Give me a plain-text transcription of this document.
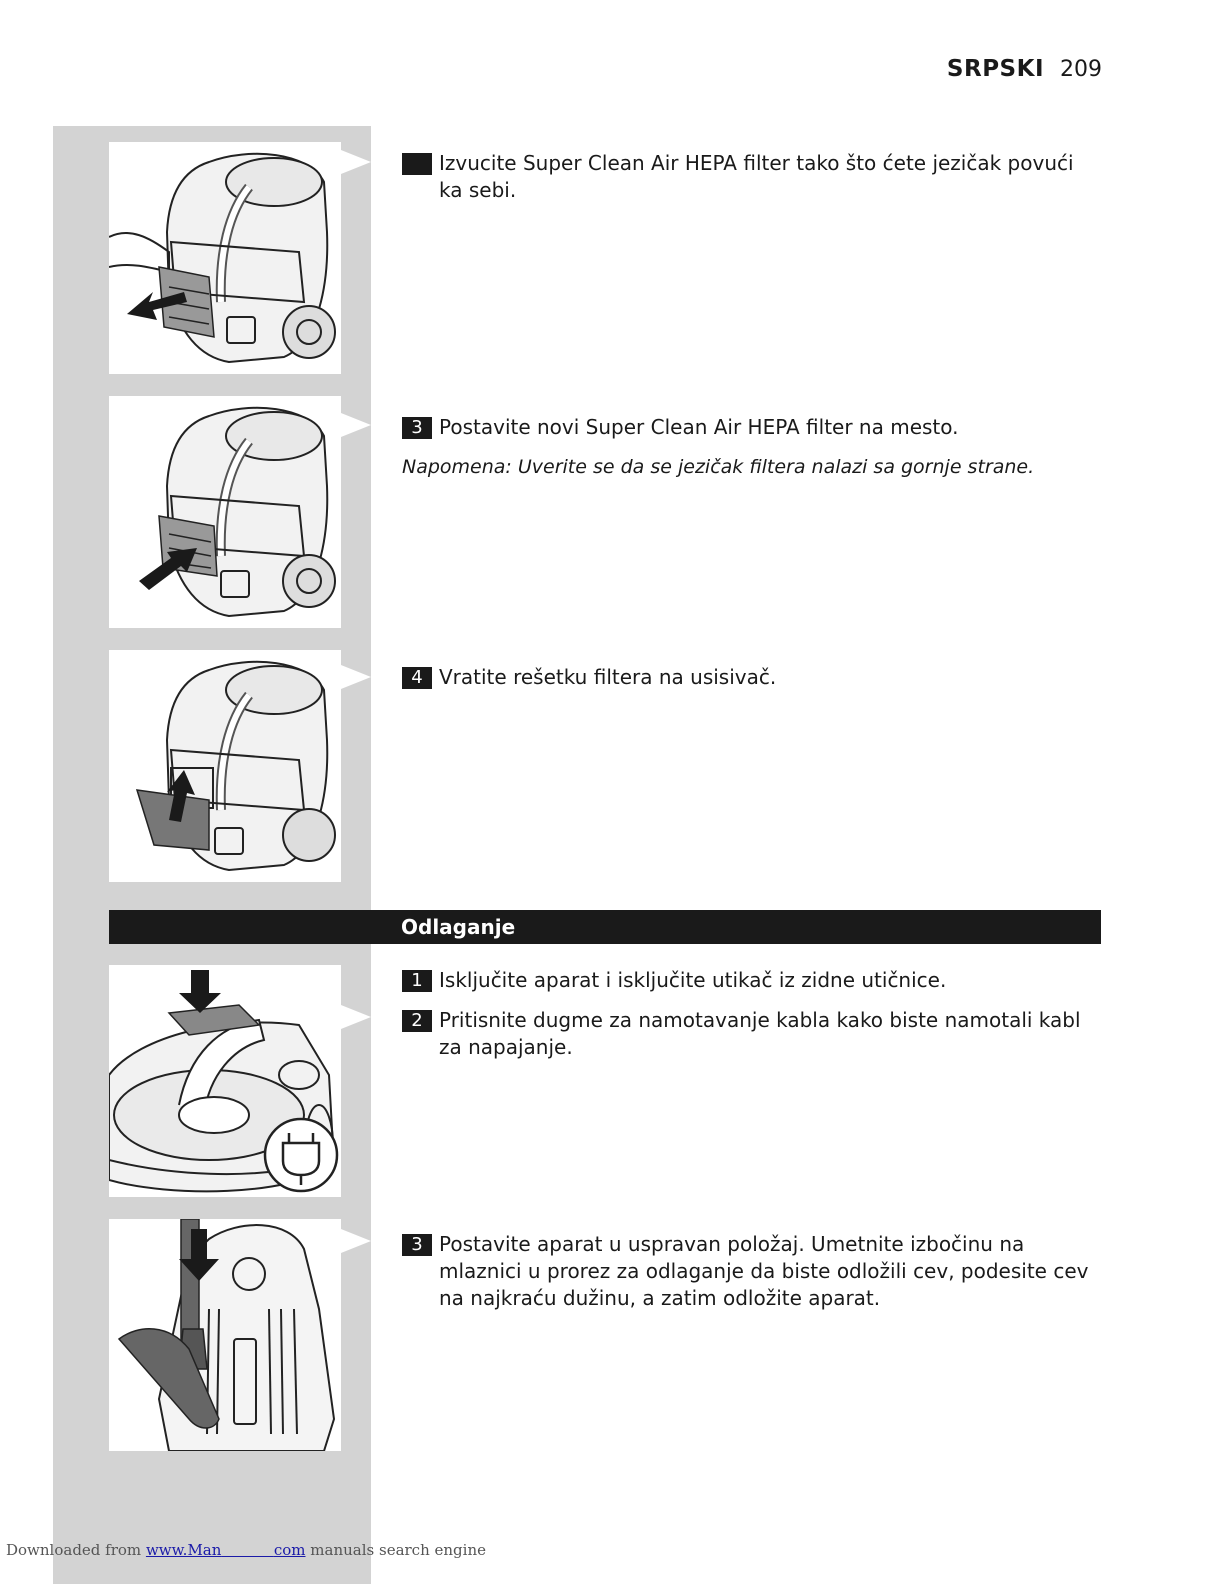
SRPSKI 209
Izvucite Super Clean Air HEPA filter tako što ćete jezičak povući ka sebi.
3 Postavite novi Super Clean Air HEPA filter na mesto.
Napomena: Uverite se da se jezičak filtera nalazi sa gornje strane.
4 Vratite rešetku filtera na usisivač.
Odlaganje
1 Isključite aparat i isključite utikač iz zidne utičnice.
2 Pritisnite dugme za namotavanje kabla kako biste namotali kabl za napajanje.
3 Postavite aparat u uspravan položaj. Umetnite izbočinu na mlaznici u prorez za odlaganje da biste odložili cev, podesite cev na najkraću dužinu, a zatim odložite aparat.
Downloaded from www.Man	com manuals search engine
